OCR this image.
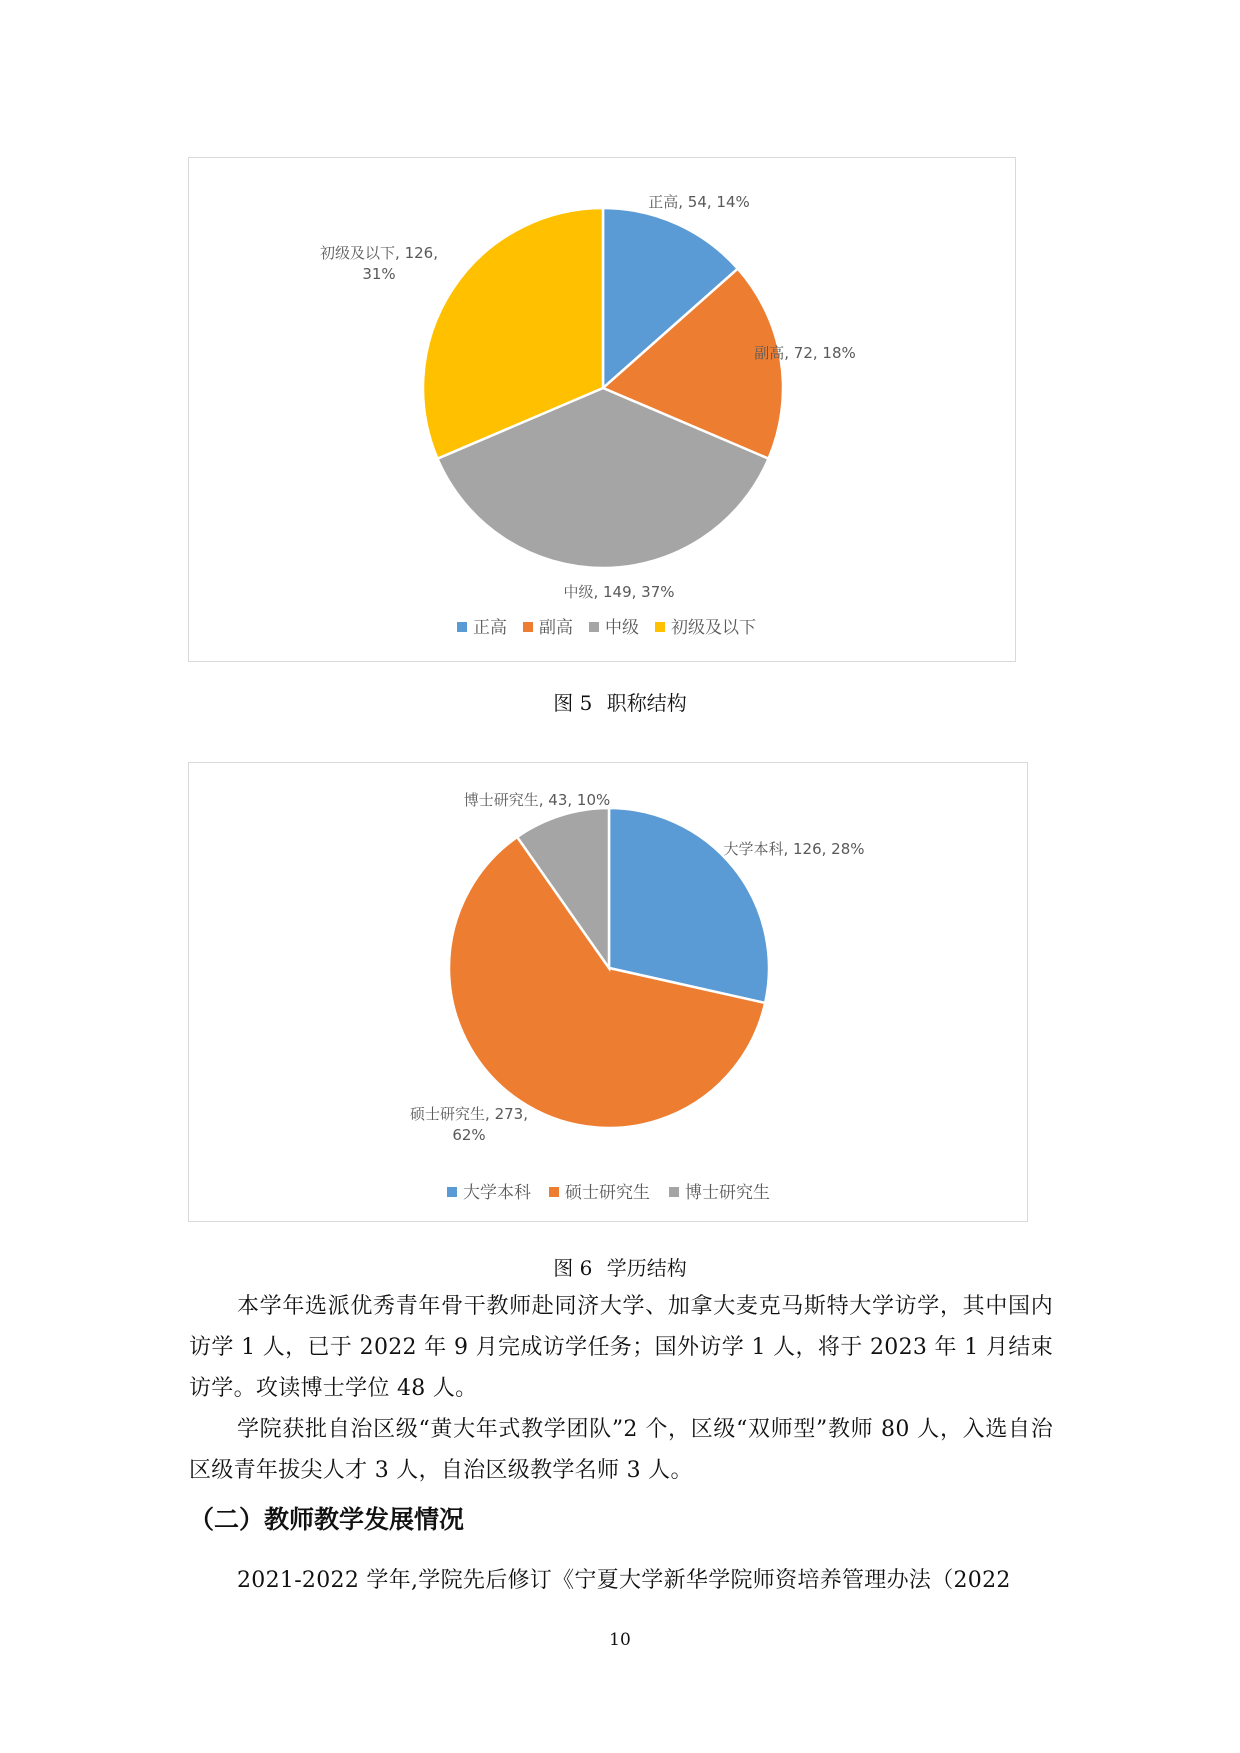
正高, 54, 14%
副高, 72, 18%
中级, 149, 37%
初级及以下, 126, 31%
正高 副高 中级 初级及以下
图 5 职称结构
大学本科, 126, 28%
硕士研究生, 273, 62%
博士研究生, 43, 10%
大学本科 硕士研究生 博士研究生
图 6 学历结构

本学年选派优秀青年骨干教师赴同济大学、加拿大麦克马斯特大学访学，其中国内访学 1 人，已于 2022 年 9 月完成访学任务；国外访学 1 人，将于 2023 年 1 月结束访学。攻读博士学位 48 人。

学院获批自治区级“黄大年式教学团队”2 个，区级“双师型”教师 80 人，入选自治区级青年拔尖人才 3 人，自治区级教学名师 3 人。

（二）教师教学发展情况

2021-2022 学年,学院先后修订《宁夏大学新华学院师资培养管理办法（2022

10
